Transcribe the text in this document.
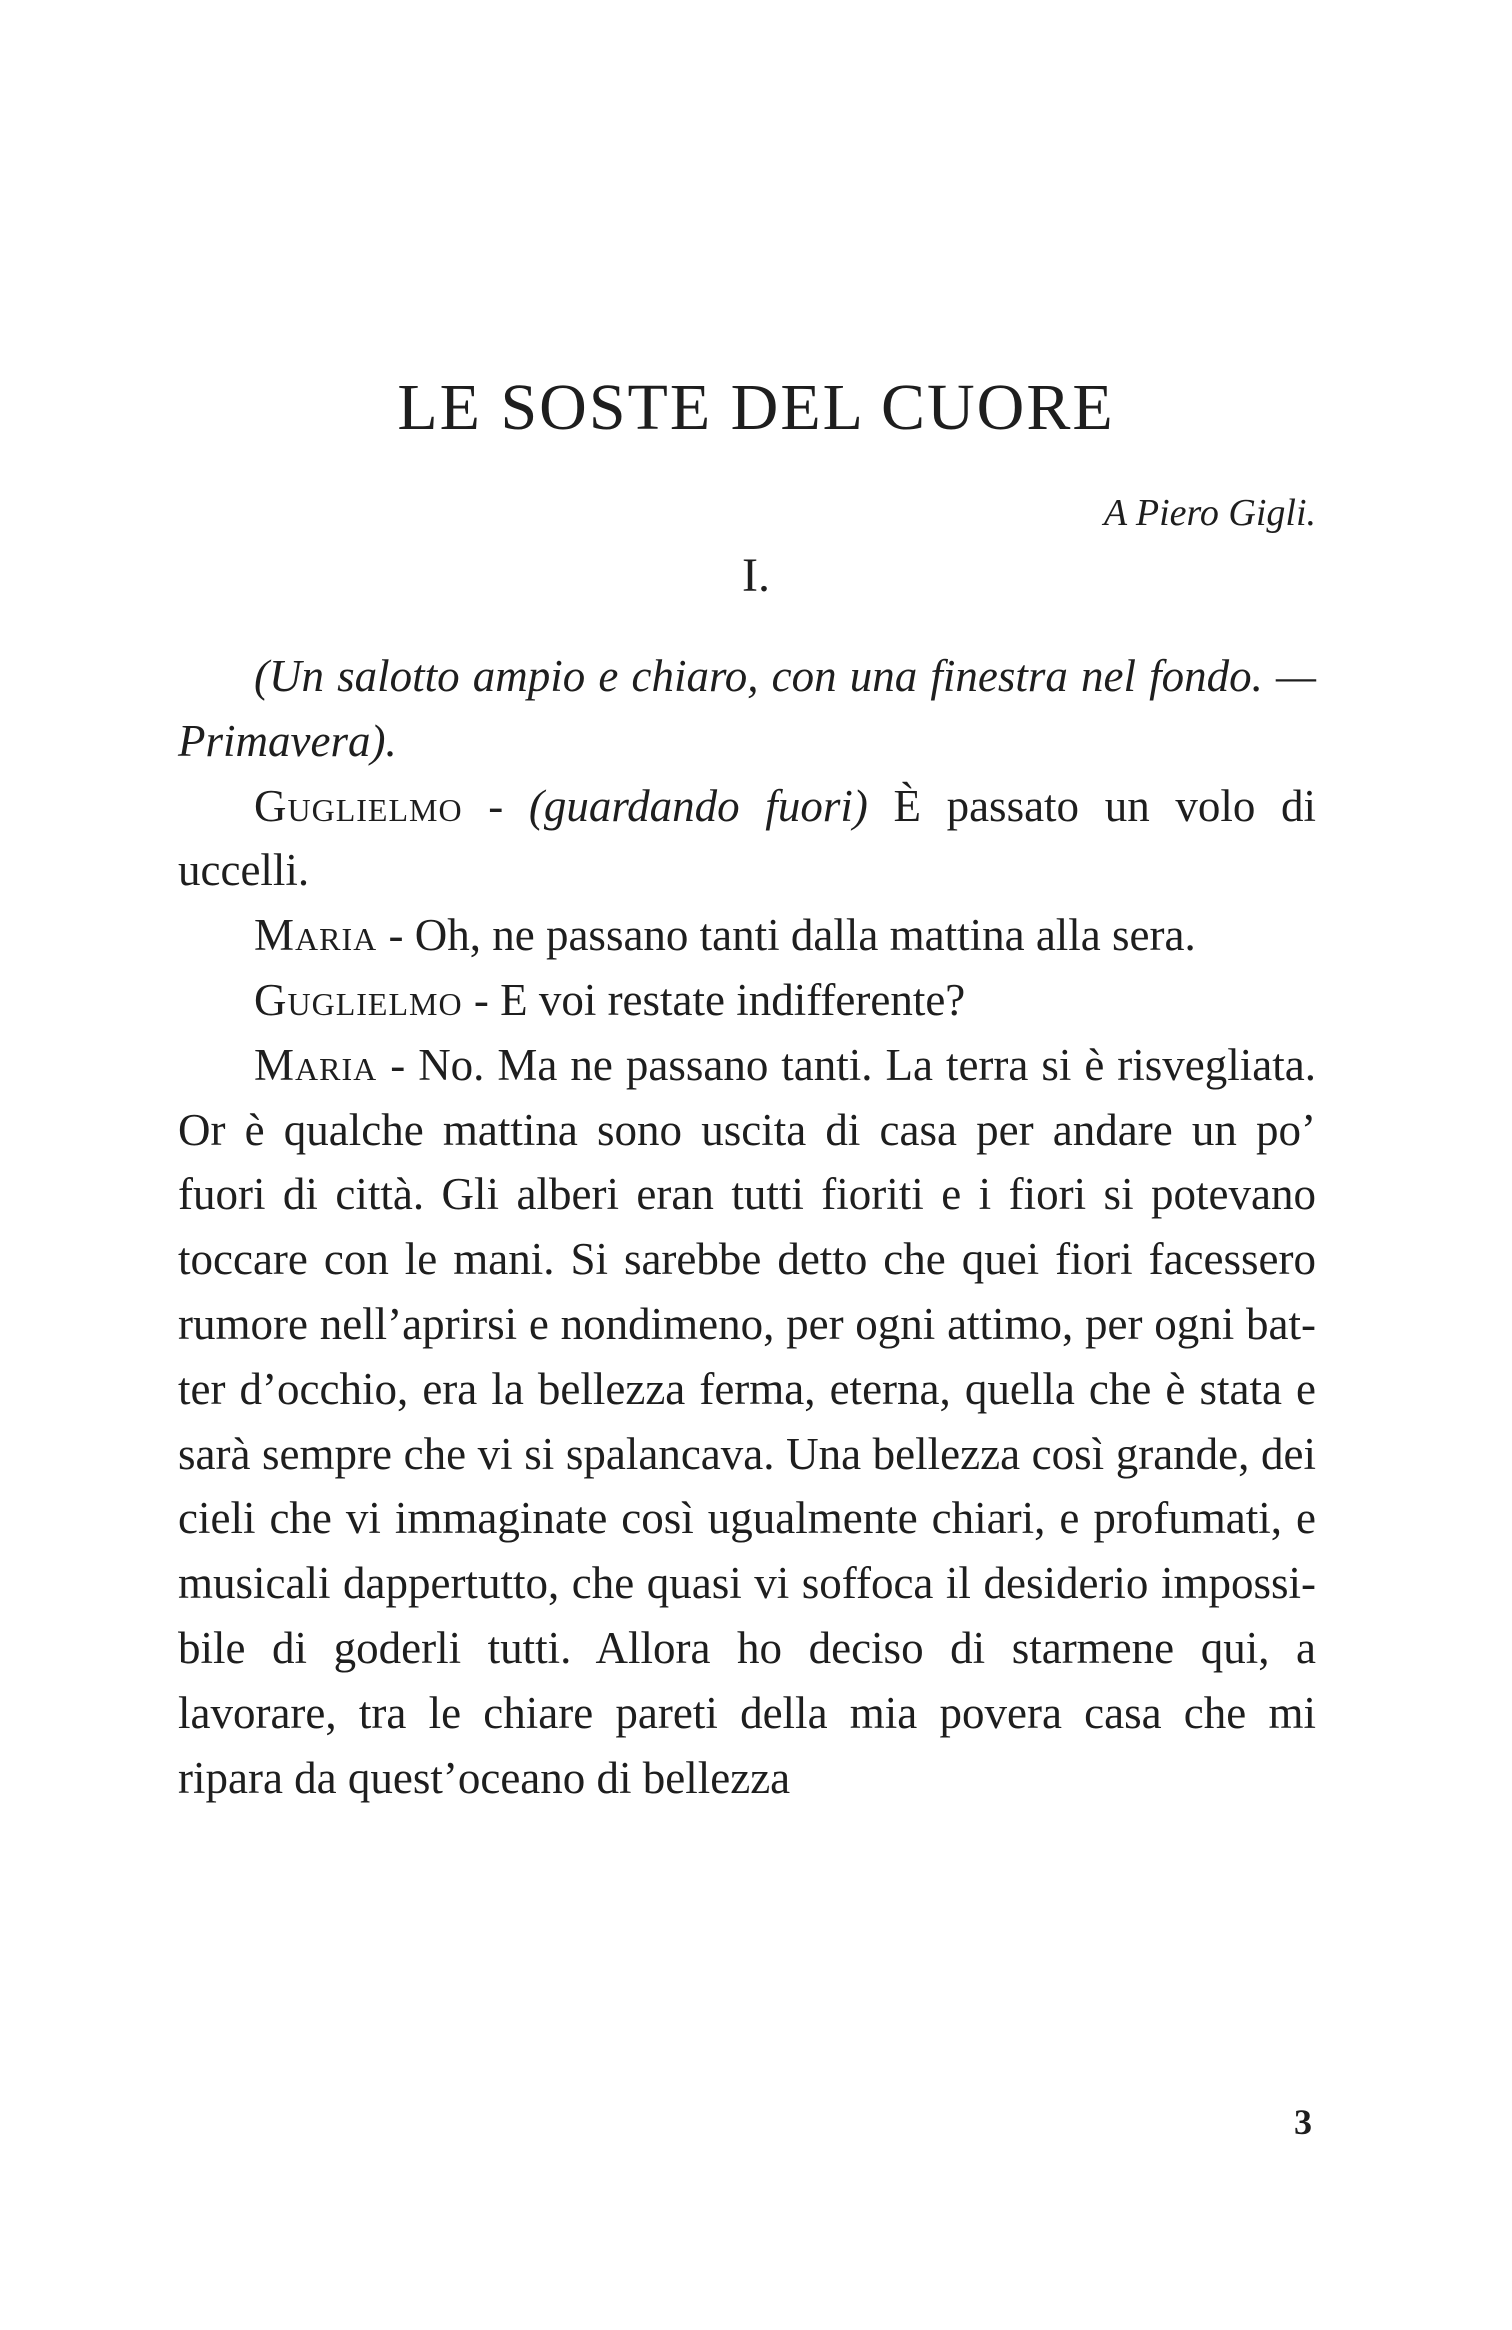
LE SOSTE DEL CUORE
A Piero Gigli.
I.

(Un salotto ampio e chiaro, con una finestra nel fondo. — Primavera).

Guglielmo - (guardando fuori) È passato un volo di uccelli.

Maria - Oh, ne passano tanti dalla mattina alla sera.

Guglielmo - E voi restate indifferente?

Maria - No. Ma ne passano tanti. La terra si è risvegliata. Or è qualche mattina sono uscita di casa per andare un po’ fuori di città. Gli alberi eran tutti fioriti e i fiori si potevano toccare con le mani. Si sarebbe detto che quei fiori facessero rumore nell’aprirsi e nondimeno, per ogni attimo, per ogni batter d’occhio, era la bellezza ferma, eterna, quella che è stata e sarà sempre che vi si spalancava. Una bellezza così grande, dei cieli che vi immaginate così ugualmente chiari, e profumati, e musicali dappertutto, che quasi vi soffoca il desiderio impossibile di goderli tutti. Allora ho deciso di starmene qui, a lavorare, tra le chiare pareti della mia povera casa che mi ripara da quest’oceano di bellezza

3
